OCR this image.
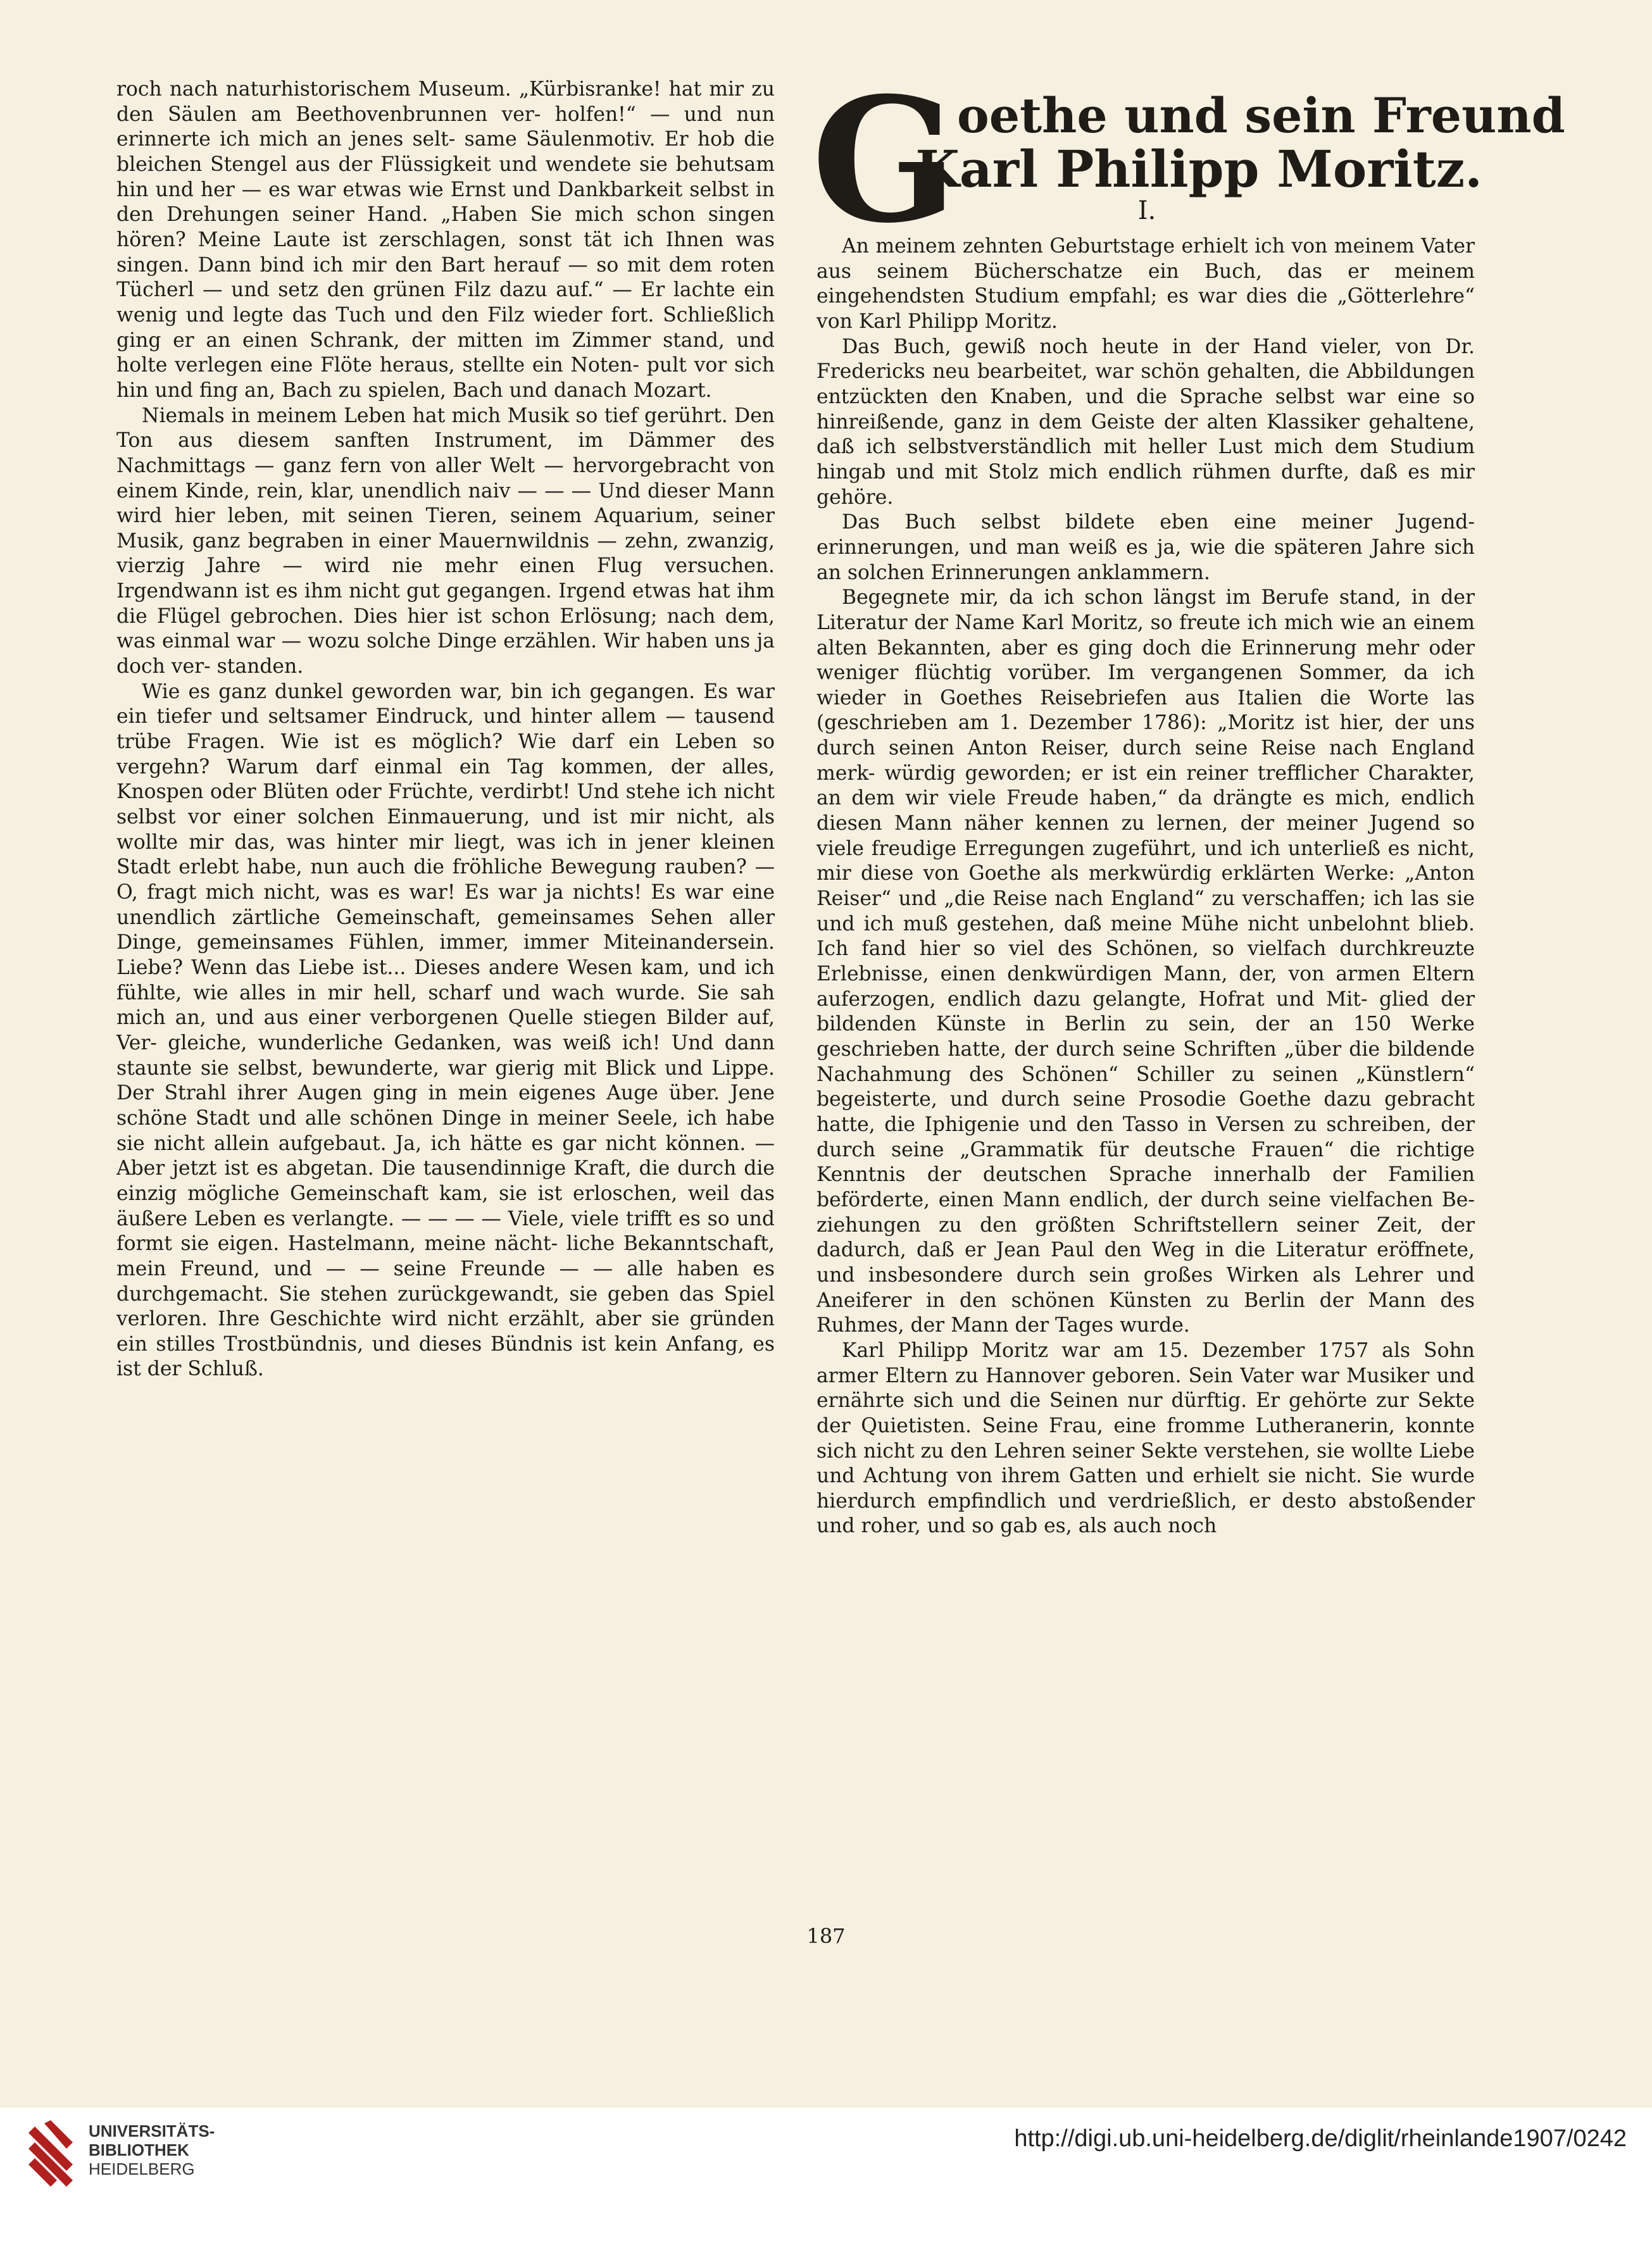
roch nach naturhistorischem Museum. „Kürbisranke! hat mir zu den Säulen am Beethovenbrunnen ver- holfen!“ — und nun erinnerte ich mich an jenes selt- same Säulenmotiv. Er hob die bleichen Stengel aus der Flüssigkeit und wendete sie behutsam hin und her — es war etwas wie Ernst und Dankbarkeit selbst in den Drehungen seiner Hand. „Haben Sie mich schon singen hören? Meine Laute ist zerschlagen, sonst tät ich Ihnen was singen. Dann bind ich mir den Bart herauf — so mit dem roten Tücherl — und setz den grünen Filz dazu auf.“ — Er lachte ein wenig und legte das Tuch und den Filz wieder fort. Schließlich ging er an einen Schrank, der mitten im Zimmer stand, und holte verlegen eine Flöte heraus, stellte ein Noten- pult vor sich hin und fing an, Bach zu spielen, Bach und danach Mozart.

Niemals in meinem Leben hat mich Musik so tief gerührt. Den Ton aus diesem sanften Instrument, im Dämmer des Nachmittags — ganz fern von aller Welt — hervorgebracht von einem Kinde, rein, klar, unendlich naiv — — — Und dieser Mann wird hier leben, mit seinen Tieren, seinem Aquarium, seiner Musik, ganz begraben in einer Mauernwildnis — zehn, zwanzig, vierzig Jahre — wird nie mehr einen Flug versuchen. Irgendwann ist es ihm nicht gut gegangen. Irgend etwas hat ihm die Flügel gebrochen. Dies hier ist schon Erlösung; nach dem, was einmal war — wozu solche Dinge erzählen. Wir haben uns ja doch ver- standen.

Wie es ganz dunkel geworden war, bin ich gegangen. Es war ein tiefer und seltsamer Eindruck, und hinter allem — tausend trübe Fragen. Wie ist es möglich? Wie darf ein Leben so vergehn? Warum darf einmal ein Tag kommen, der alles, Knospen oder Blüten oder Früchte, verdirbt! Und stehe ich nicht selbst vor einer solchen Einmauerung, und ist mir nicht, als wollte mir das, was hinter mir liegt, was ich in jener kleinen Stadt erlebt habe, nun auch die fröhliche Bewegung rauben? — O, fragt mich nicht, was es war! Es war ja nichts! Es war eine unendlich zärtliche Gemeinschaft, gemeinsames Sehen aller Dinge, gemeinsames Fühlen, immer, immer Miteinandersein. Liebe? Wenn das Liebe ist... Dieses andere Wesen kam, und ich fühlte, wie alles in mir hell, scharf und wach wurde. Sie sah mich an, und aus einer verborgenen Quelle stiegen Bilder auf, Ver- gleiche, wunderliche Gedanken, was weiß ich! Und dann staunte sie selbst, bewunderte, war gierig mit Blick und Lippe. Der Strahl ihrer Augen ging in mein eigenes Auge über. Jene schöne Stadt und alle schönen Dinge in meiner Seele, ich habe sie nicht allein aufgebaut. Ja, ich hätte es gar nicht können. — Aber jetzt ist es abgetan. Die tausendinnige Kraft, die durch die einzig mögliche Gemeinschaft kam, sie ist erloschen, weil das äußere Leben es verlangte. — — — — Viele, viele trifft es so und formt sie eigen. Hastelmann, meine nächt- liche Bekanntschaft, mein Freund, und — — seine Freunde — — alle haben es durchgemacht. Sie stehen zurückgewandt, sie geben das Spiel verloren. Ihre Geschichte wird nicht erzählt, aber sie gründen ein stilles Trostbündnis, und dieses Bündnis ist kein Anfang, es ist der Schluß.

G oethe und sein Freund
Karl Philipp Moritz.
I.

An meinem zehnten Geburtstage erhielt ich von meinem Vater aus seinem Bücherschatze ein Buch, das er meinem eingehendsten Studium empfahl; es war dies die „Götterlehre“ von Karl Philipp Moritz.

Das Buch, gewiß noch heute in der Hand vieler, von Dr. Fredericks neu bearbeitet, war schön gehalten, die Abbildungen entzückten den Knaben, und die Sprache selbst war eine so hinreißende, ganz in dem Geiste der alten Klassiker gehaltene, daß ich selbstverständlich mit heller Lust mich dem Studium hingab und mit Stolz mich endlich rühmen durfte, daß es mir gehöre.

Das Buch selbst bildete eben eine meiner Jugend- erinnerungen, und man weiß es ja, wie die späteren Jahre sich an solchen Erinnerungen anklammern.

Begegnete mir, da ich schon längst im Berufe stand, in der Literatur der Name Karl Moritz, so freute ich mich wie an einem alten Bekannten, aber es ging doch die Erinnerung mehr oder weniger flüchtig vorüber. Im vergangenen Sommer, da ich wieder in Goethes Reisebriefen aus Italien die Worte las (geschrieben am 1. Dezember 1786): „Moritz ist hier, der uns durch seinen Anton Reiser, durch seine Reise nach England merk- würdig geworden; er ist ein reiner trefflicher Charakter, an dem wir viele Freude haben,“ da drängte es mich, endlich diesen Mann näher kennen zu lernen, der meiner Jugend so viele freudige Erregungen zugeführt, und ich unterließ es nicht, mir diese von Goethe als merkwürdig erklärten Werke: „Anton Reiser“ und „die Reise nach England“ zu verschaffen; ich las sie und ich muß gestehen, daß meine Mühe nicht unbelohnt blieb. Ich fand hier so viel des Schönen, so vielfach durchkreuzte Erlebnisse, einen denkwürdigen Mann, der, von armen Eltern auferzogen, endlich dazu gelangte, Hofrat und Mit- glied der bildenden Künste in Berlin zu sein, der an 150 Werke geschrieben hatte, der durch seine Schriften „über die bildende Nachahmung des Schönen“ Schiller zu seinen „Künstlern“ begeisterte, und durch seine Prosodie Goethe dazu gebracht hatte, die Iphigenie und den Tasso in Versen zu schreiben, der durch seine „Grammatik für deutsche Frauen“ die richtige Kenntnis der deutschen Sprache innerhalb der Familien beförderte, einen Mann endlich, der durch seine vielfachen Be- ziehungen zu den größten Schriftstellern seiner Zeit, der dadurch, daß er Jean Paul den Weg in die Literatur eröffnete, und insbesondere durch sein großes Wirken als Lehrer und Aneiferer in den schönen Künsten zu Berlin der Mann des Ruhmes, der Mann der Tages wurde.

Karl Philipp Moritz war am 15. Dezember 1757 als Sohn armer Eltern zu Hannover geboren. Sein Vater war Musiker und ernährte sich und die Seinen nur dürftig. Er gehörte zur Sekte der Quietisten. Seine Frau, eine fromme Lutheranerin, konnte sich nicht zu den Lehren seiner Sekte verstehen, sie wollte Liebe und Achtung von ihrem Gatten und erhielt sie nicht. Sie wurde hierdurch empfindlich und verdrießlich, er desto abstoßender und roher, und so gab es, als auch noch

187
UNIVERSITÄTS-
BIBLIOTHEK
HEIDELBERG
http://digi.ub.uni-heidelberg.de/diglit/rheinlande1907/0242
